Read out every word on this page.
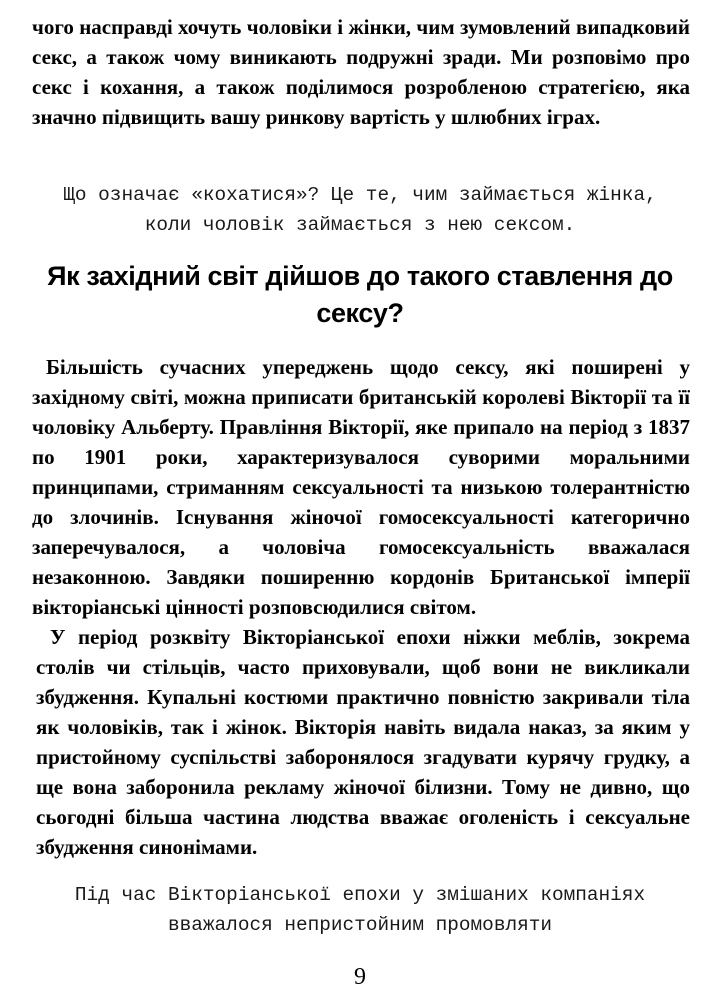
чого насправді хочуть чоловіки і жінки, чим зумовлений випадковий секс, а також чому виникають подружні зради. Ми розповімо про секс і кохання, а також поділимося розробленою стратегією, яка значно підвищить вашу ринкову вартість у шлюбних іграх.

Що означає «кохатися»? Це те, чим займається жінка, коли чоловік займається з нею сексом.

Як західний світ дійшов до такого ставлення до сексу?

Більшість сучасних упереджень щодо сексу, які поширені у західному світі, можна приписати британській королеві Вікторії та її чоловіку Альберту. Правління Вікторії, яке припало на період з 1837 по 1901 роки, характеризувалося суворими моральними принципами, стриманням сексуальності та низькою толерантністю до злочинів. Існування жіночої гомосексуальності категорично заперечувалося, а чоловіча гомосексуальність вважалася незаконною. Завдяки поширенню кордонів Британської імперії вікторіанські цінності розповсюдилися світом.

У період розквіту Вікторіанської епохи ніжки меблів, зокрема столів чи стільців, часто приховували, щоб вони не викликали збудження. Купальні костюми практично повністю закривали тіла як чоловіків, так і жінок. Вікторія навіть видала наказ, за яким у пристойному суспільстві заборонялося згадувати курячу грудку, а ще вона заборонила рекламу жіночої білизни. Тому не дивно, що сьогодні більша частина людства вважає оголеність і сексуальне збудження синонімами.

Під час Вікторіанської епохи у змішаних компаніях вважалося непристойним промовляти

9
